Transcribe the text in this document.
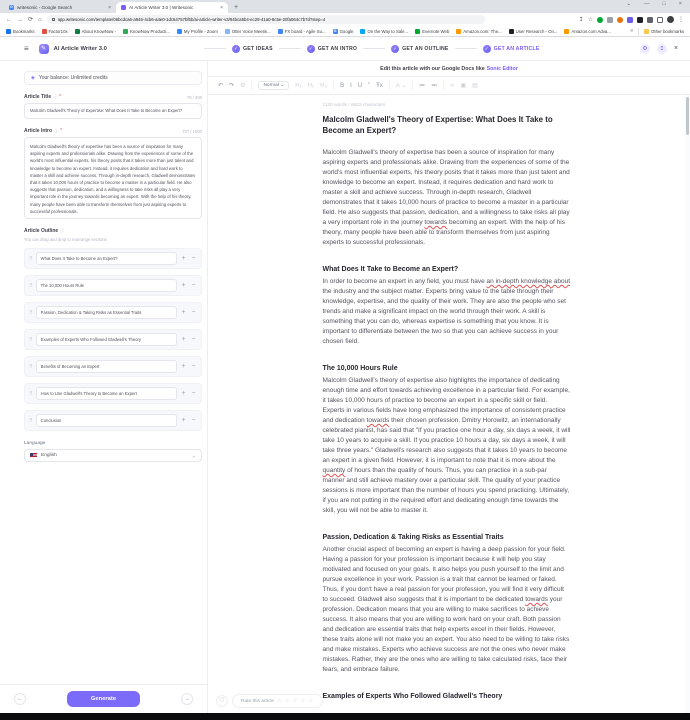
G writesonic - Google Search	×	AI Article Writer 3.0 | Writesonic	× +	⌄ — □ ×
← → ⟳ ⌂	app.writesonic.com/template/06bcdca6-a946-4cb6-a4e0-1dc64757bf5b/ai-article-writer-v3/94bca5b4-ec29-41a0-8c5e-20fa064c7b7d?step=4	↥ ☆	⋮
Bookmarks	Factor10x	About KnowNow -	KnowNow Producti...	My Profile - Zoom	Otter Voice Meetin...	FX board - Agile Su...	G Google	On the Way to Sale...	Evernote Web	Amazon.com: The...	User Research - On...	Amazon.com Adva...	»	Other bookmarks
≡	✎	AI Article Writer 3.0	✓ GET IDEAS	✓ GET AN INTRO	✓ GET AN OUTLINE	✓ GET AN ARTICLE	⚙	↥	×
◈ Your balance: Unlimited credits
Article Title ⓘ *	78 / 300
Malcolm Gladwell's Theory of Expertise: What Does It Take to Become an Expert?
Article Intro ⓘ *	737 / 1000
Malcolm Gladwell's theory of expertise has been a source of inspiration for many aspiring experts and professionals alike. Drawing from the experiences of some of the world's most influential experts, his theory posits that it takes more than just talent and knowledge to become an expert. Instead, it requires dedication and hard work to master a skill and achieve success. Through in-depth research, Gladwell demonstrates that it takes 10,000 hours of practice to become a master in a particular field. He also suggests that passion, dedication, and a willingness to take risks all play a very important role in the journey towards becoming an expert. With the help of his theory, many people have been able to transform themselves from just aspiring experts to successful professionals.
Article Outline ⓘ
You can drag and drop to rearrange sections
⠿	What Does It Take to Become an Expert?	+ −
⠿	The 10,000 Hours Rule	+ −
⠿	Passion, Dedication & Taking Risks as Essential Traits	+ −
⠿	Examples of Experts Who Followed Gladwell's Theory	+ −
⠿	Benefits of Becoming an Expert	+ −
⠿	How to Use Gladwell's Theory to Become an Expert	+ −
⠿	Conclusion	+ −
Language
English	⌄
←	Generate	→
Edit this article with our Google Docs like Sonic Editor
↶ ↷ ⚙	Normal ⌄	H₁ H₂ H₃ B I U ” Ŧx A ⌄ ≔ ≕ ∞ ▣ ▤
1130 words / 6622 characters
Malcolm Gladwell's Theory of Expertise: What Does It Take to Become an Expert?
Malcolm Gladwell's theory of expertise has been a source of inspiration for many aspiring experts and professionals alike. Drawing from the experiences of some of the world's most influential experts, his theory posits that it takes more than just talent and knowledge to become an expert. Instead, it requires dedication and hard work to master a skill and achieve success. Through in-depth research, Gladwell demonstrates that it takes 10,000 hours of practice to become a master in a particular field. He also suggests that passion, dedication, and a willingness to take risks all play a very important role in the journey towards becoming an expert. With the help of his theory, many people have been able to transform themselves from just aspiring experts to successful professionals.
What Does It Take to Become an Expert?
In order to become an expert in any field, you must have an in-depth knowledge about the industry and the subject matter. Experts bring value to the table through their knowledge, expertise, and the quality of their work. They are also the people who set trends and make a significant impact on the world through their work. A skill is something that you can do, whereas expertise is something that you know. It is important to differentiate between the two so that you can achieve success in your chosen field.
The 10,000 Hours Rule
Malcolm Gladwell's theory of expertise also highlights the importance of dedicating enough time and effort towards achieving excellence in a particular field. For example, it takes 10,000 hours of practice to become an expert in a specific skill or field. Experts in various fields have long emphasized the importance of consistent practice and dedication towards their chosen profession. Dmitry Horowitz, an internationally celebrated pianist, has said that "If you practice one hour a day, six days a week, it will take 10 years to acquire a skill. If you practice 10 hours a day, six days a week, it will take three years." Gladwell's research also suggests that it takes 10 years to become an expert in a given field. However, it is important to note that it is more about the quantity of hours than the quality of hours. Thus, you can practice in a sub-par manner and still achieve mastery over a particular skill. The quality of your practice sessions is more important than the number of hours you spend practicing. Ultimately, if you are not putting in the required effort and dedicating enough time towards the skill, you will not be able to master it.
Passion, Dedication & Taking Risks as Essential Traits
Another crucial aspect of becoming an expert is having a deep passion for your field. Having a passion for your profession is important because it will help you stay motivated and focused on your goals. It also helps you push yourself to the limit and pursue excellence in your work. Passion is a trait that cannot be learned or faked. Thus, if you don't have a real passion for your profession, you will find it very difficult to succeed. Gladwell also suggests that it is important to be dedicated towards your profession. Dedication means that you are willing to make sacrifices to achieve success. It also means that you are willing to work hard on your craft. Both passion and dedication are essential traits that help experts excel in their fields. However, these traits alone will not make you an expert. You also need to be willing to take risks and make mistakes. Experts who achieve success are not the ones who never make mistakes. Rather, they are the ones who are willing to take calculated risks, face their fears, and embrace failure.
Examples of Experts Who Followed Gladwell's Theory
♡	Rate this article ☆ ☆ ☆ ☆ ☆
